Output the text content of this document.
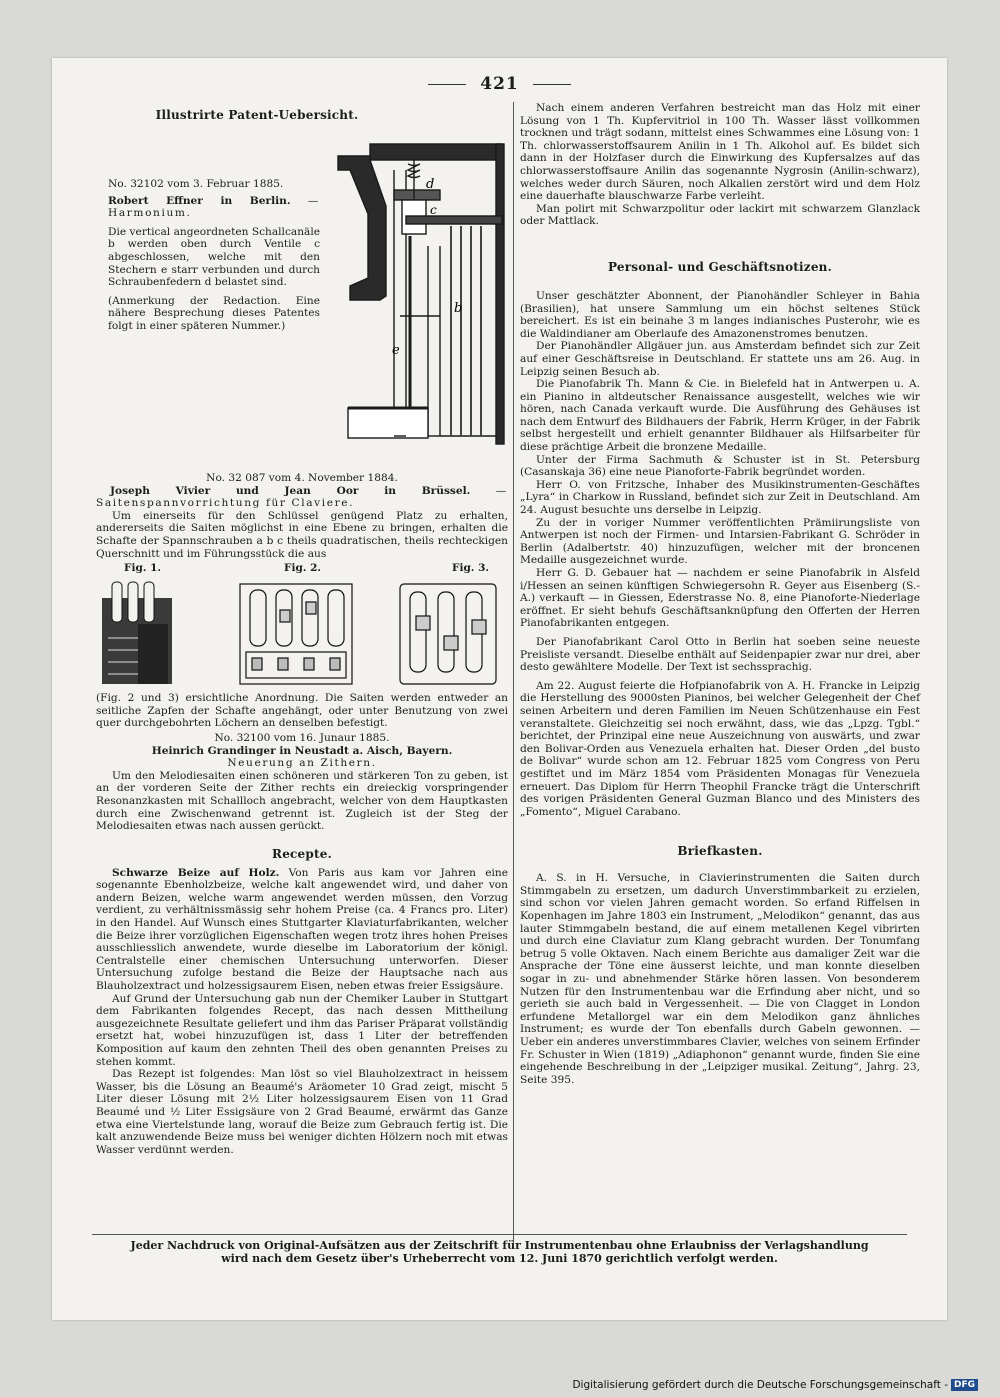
421

Illustrirte Patent-Uebersicht.

No. 32102 vom 3. Februar 1885.

Robert Effner in Berlin. — Harmonium.

Die vertical angeordneten Schallcanäle b werden oben durch Ventile c abgeschlossen, welche mit den Stechern e starr verbunden und durch Schraubenfedern d belastet sind.

(Anmerkung der Redaction. Eine nähere Besprechung dieses Patentes folgt in einer späteren Nummer.)

d
c
e
b

No. 32 087 vom 4. November 1884.

Joseph Vivier und Jean Oor in Brüssel. — Saitenspannvorrichtung für Claviere.

Um einerseits für den Schlüssel genügend Platz zu erhalten, andererseits die Saiten möglichst in eine Ebene zu bringen, erhalten die Schafte der Spannschrauben a b c theils quadratischen, theils rechteckigen Querschnitt und im Führungsstück die aus

Fig. 1.	Fig. 2.	Fig. 3.

(Fig. 2 und 3) ersichtliche Anordnung. Die Saiten werden entweder an seitliche Zapfen der Schafte angehängt, oder unter Benutzung von zwei quer durchgebohrten Löchern an denselben befestigt.

No. 32100 vom 16. Junaur 1885.

Heinrich Grandinger in Neustadt a. Aisch, Bayern.

Neuerung an Zithern.

Um den Melodiesaiten einen schöneren und stärkeren Ton zu geben, ist an der vorderen Seite der Zither rechts ein dreieckig vorspringender Resonanzkasten mit Schallloch angebracht, welcher von dem Hauptkasten durch eine Zwischenwand getrennt ist. Zugleich ist der Steg der Melodiesaiten etwas nach aussen gerückt.

Recepte.

Schwarze Beize auf Holz. Von Paris aus kam vor Jahren eine sogenannte Ebenholzbeize, welche kalt angewendet wird, und daher von andern Beizen, welche warm angewendet werden müssen, den Vorzug verdient, zu verhältnissmässig sehr hohem Preise (ca. 4 Francs pro. Liter) in den Handel. Auf Wunsch eines Stuttgarter Klaviaturfabrikanten, welcher die Beize ihrer vorzüglichen Eigenschaften wegen trotz ihres hohen Preises ausschliesslich anwendete, wurde dieselbe im Laboratorium der königl. Centralstelle einer chemischen Untersuchung unterworfen. Dieser Untersuchung zufolge bestand die Beize der Hauptsache nach aus Blauholzextract und holzessigsaurem Eisen, neben etwas freier Essigsäure.

Auf Grund der Untersuchung gab nun der Chemiker Lauber in Stuttgart dem Fabrikanten folgendes Recept, das nach dessen Mittheilung ausgezeichnete Resultate geliefert und ihm das Pariser Präparat vollständig ersetzt hat, wobei hinzuzufügen ist, dass 1 Liter der betreffenden Komposition auf kaum den zehnten Theil des oben genannten Preises zu stehen kommt.

Das Rezept ist folgendes: Man löst so viel Blauholzextract in heissem Wasser, bis die Lösung an Beaumé's Aräometer 10 Grad zeigt, mischt 5 Liter dieser Lösung mit 2½ Liter holzessigsaurem Eisen von 11 Grad Beaumé und ½ Liter Essigsäure von 2 Grad Beaumé, erwärmt das Ganze etwa eine Viertelstunde lang, worauf die Beize zum Gebrauch fertig ist. Die kalt anzuwendende Beize muss bei weniger dichten Hölzern noch mit etwas Wasser verdünnt werden.

Nach einem anderen Verfahren bestreicht man das Holz mit einer Lösung von 1 Th. Kupfervitriol in 100 Th. Wasser lässt vollkommen trocknen und trägt sodann, mittelst eines Schwammes eine Lösung von: 1 Th. chlorwasserstoffsaurem Anilin in 1 Th. Alkohol auf. Es bildet sich dann in der Holzfaser durch die Einwirkung des Kupfersalzes auf das chlorwasserstoffsaure Anilin das sogenannte Nygrosin (Anilin-schwarz), welches weder durch Säuren, noch Alkalien zerstört wird und dem Holz eine dauerhafte blauschwarze Farbe verleiht.

Man polirt mit Schwarzpolitur oder lackirt mit schwarzem Glanzlack oder Mattlack.

Personal- und Geschäftsnotizen.

Unser geschätzter Abonnent, der Pianohändler Schleyer in Bahia (Brasilien), hat unsere Sammlung um ein höchst seltenes Stück bereichert. Es ist ein beinahe 3 m langes indianisches Pusterohr, wie es die Waldindianer am Oberlaufe des Amazonenstromes benutzen.

Der Pianohändler Allgäuer jun. aus Amsterdam befindet sich zur Zeit auf einer Geschäftsreise in Deutschland. Er stattete uns am 26. Aug. in Leipzig seinen Besuch ab.

Die Pianofabrik Th. Mann & Cie. in Bielefeld hat in Antwerpen u. A. ein Pianino in altdeutscher Renaissance ausgestellt, welches wie wir hören, nach Canada verkauft wurde. Die Ausführung des Gehäuses ist nach dem Entwurf des Bildhauers der Fabrik, Herrn Krüger, in der Fabrik selbst hergestellt und erhielt genannter Bildhauer als Hilfsarbeiter für diese prächtige Arbeit die bronzene Medaille.

Unter der Firma Sachmuth & Schuster ist in St. Petersburg (Casanskaja 36) eine neue Pianoforte-Fabrik begründet worden.

Herr O. von Fritzsche, Inhaber des Musikinstrumenten-Geschäftes „Lyra“ in Charkow in Russland, befindet sich zur Zeit in Deutschland. Am 24. August besuchte uns derselbe in Leipzig.

Zu der in voriger Nummer veröffentlichten Prämiirungsliste von Antwerpen ist noch der Firmen- und Intarsien-Fabrikant G. Schröder in Berlin (Adalbertstr. 40) hinzuzufügen, welcher mit der broncenen Medaille ausgezeichnet wurde.

Herr G. D. Gebauer hat — nachdem er seine Pianofabrik in Alsfeld i/Hessen an seinen künftigen Schwiegersohn R. Geyer aus Eisenberg (S.-A.) verkauft — in Giessen, Ederstrasse No. 8, eine Pianoforte-Niederlage eröffnet. Er sieht behufs Geschäftsanknüpfung den Offerten der Herren Pianofabrikanten entgegen.

Der Pianofabrikant Carol Otto in Berlin hat soeben seine neueste Preisliste versandt. Dieselbe enthält auf Seidenpapier zwar nur drei, aber desto gewähltere Modelle. Der Text ist sechssprachig.

Am 22. August feierte die Hofpianofabrik von A. H. Francke in Leipzig die Herstellung des 9000sten Pianinos, bei welcher Gelegenheit der Chef seinen Arbeitern und deren Familien im Neuen Schützenhause ein Fest veranstaltete. Gleichzeitig sei noch erwähnt, dass, wie das „Lpzg. Tgbl.“ berichtet, der Prinzipal eine neue Auszeichnung von auswärts, und zwar den Bolivar-Orden aus Venezuela erhalten hat. Dieser Orden „del busto de Bolivar“ wurde schon am 12. Februar 1825 vom Congress von Peru gestiftet und im März 1854 vom Präsidenten Monagas für Venezuela erneuert. Das Diplom für Herrn Theophil Francke trägt die Unterschrift des vorigen Präsidenten General Guzman Blanco und des Ministers des „Fomento“, Miguel Carabano.

Briefkasten.

A. S. in H. Versuche, in Clavierinstrumenten die Saiten durch Stimmgabeln zu ersetzen, um dadurch Unverstimmbarkeit zu erzielen, sind schon vor vielen Jahren gemacht worden. So erfand Riffelsen in Kopenhagen im Jahre 1803 ein Instrument, „Melodikon“ genannt, das aus lauter Stimmgabeln bestand, die auf einem metallenen Kegel vibrirten und durch eine Claviatur zum Klang gebracht wurden. Der Tonumfang betrug 5 volle Oktaven. Nach einem Berichte aus damaliger Zeit war die Ansprache der Töne eine äusserst leichte, und man konnte dieselben sogar in zu- und abnehmender Stärke hören lassen. Von besonderem Nutzen für den Instrumentenbau war die Erfindung aber nicht, und so gerieth sie auch bald in Vergessenheit. — Die von Clagget in London erfundene Metallorgel war ein dem Melodikon ganz ähnliches Instrument; es wurde der Ton ebenfalls durch Gabeln gewonnen. — Ueber ein anderes unverstimmbares Clavier, welches von seinem Erfinder Fr. Schuster in Wien (1819) „Adiaphonon“ genannt wurde, finden Sie eine eingehende Beschreibung in der „Leipziger musikal. Zeitung“, Jahrg. 23, Seite 395.

Jeder Nachdruck von Original-Aufsätzen aus der Zeitschrift für Instrumentenbau ohne Erlaubniss der Verlagshandlung
wird nach dem Gesetz über's Urheberrecht vom 12. Juni 1870 gerichtlich verfolgt werden.
Digitalisierung gefördert durch die Deutsche Forschungsgemeinschaft - DFG
